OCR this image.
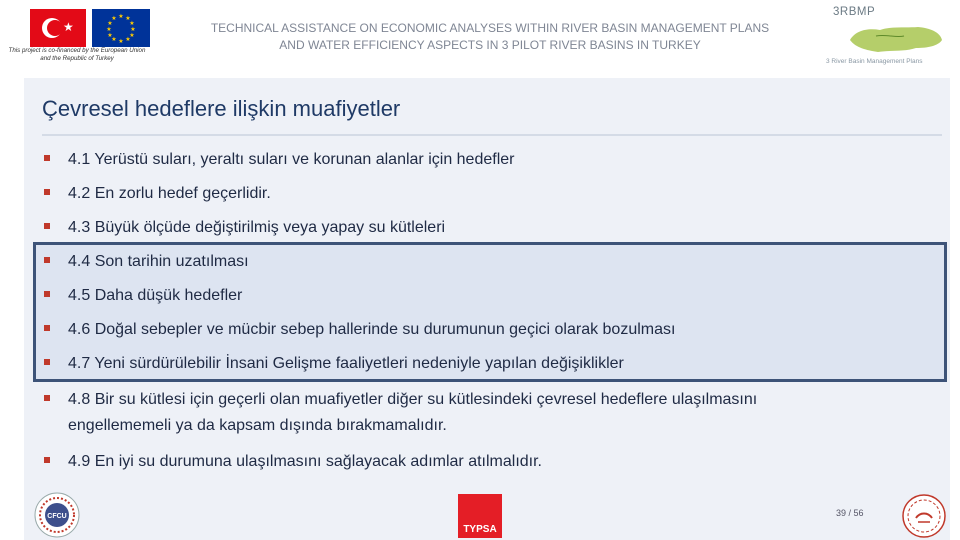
★
★ ★
★
★
★
★
★
★
★
★
★
★
This project is co-financed by the European Union and the Republic of Turkey
TECHNICAL ASSISTANCE ON ECONOMIC ANALYSES WITHIN RIVER BASIN MANAGEMENT PLANS
AND WATER EFFICIENCY ASPECTS IN 3 PILOT RIVER BASINS IN TURKEY
3RBMP
3 River Basin Management Plans
Çevresel hedeflere ilişkin muafiyetler
4.1 Yerüstü suları, yeraltı suları ve korunan alanlar için hedefler
4.2 En zorlu hedef geçerlidir.
4.3 Büyük ölçüde değiştirilmiş veya yapay su kütleleri
4.4 Son tarihin uzatılması
4.5 Daha düşük hedefler
4.6 Doğal sebepler ve mücbir sebep hallerinde su durumunun geçici olarak bozulması
4.7 Yeni sürdürülebilir İnsani Gelişme faaliyetleri nedeniyle yapılan değişiklikler
4.8 Bir su kütlesi için geçerli olan muafiyetler diğer su kütlesindeki çevresel hedeflere ulaşılmasını
engellememeli ya da kapsam dışında bırakmamalıdır.
4.9 En iyi su durumuna ulaşılmasını sağlayacak adımlar atılmalıdır.
CFCU
TYPSA
39 / 56
